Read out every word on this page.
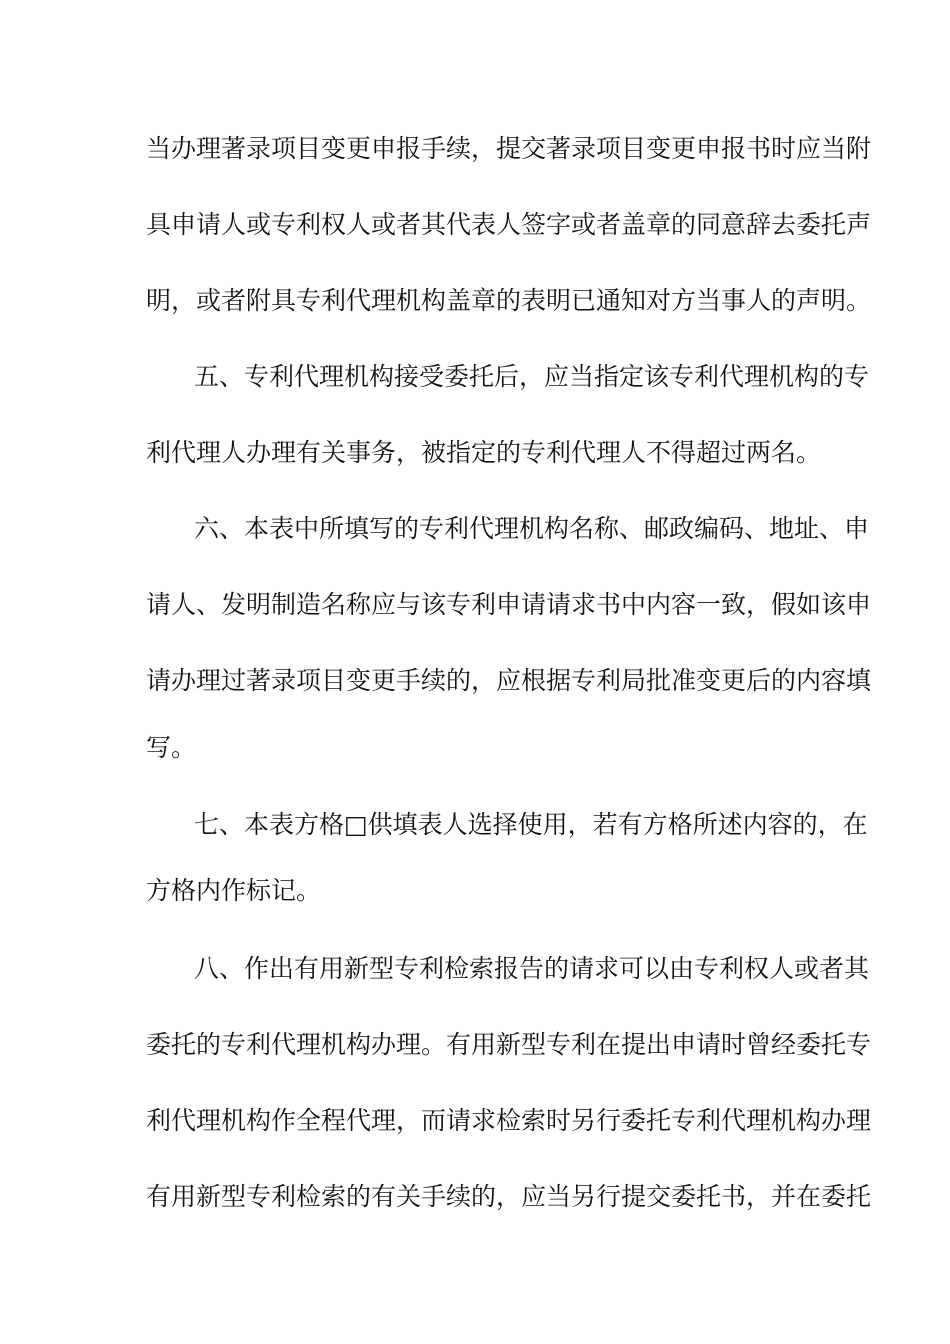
当办理著录项目变更申报手续，提交著录项目变更申报书时应当附
具申请人或专利权人或者其代表人签字或者盖章的同意辞去委托声
明，或者附具专利代理机构盖章的表明已通知对方当事人的声明。
五、专利代理机构接受委托后，应当指定该专利代理机构的专
利代理人办理有关事务，被指定的专利代理人不得超过两名。
六、本表中所填写的专利代理机构名称、邮政编码、地址、申
请人、发明制造名称应与该专利申请请求书中内容一致，假如该申
请办理过著录项目变更手续的，应根据专利局批准变更后的内容填
写。
七、本表方格□供填表人选择使用，若有方格所述内容的，在
方格内作标记。
八、作出有用新型专利检索报告的请求可以由专利权人或者其
委托的专利代理机构办理。有用新型专利在提出申请时曾经委托专
利代理机构作全程代理，而请求检索时另行委托专利代理机构办理
有用新型专利检索的有关手续的，应当另行提交委托书，并在委托
